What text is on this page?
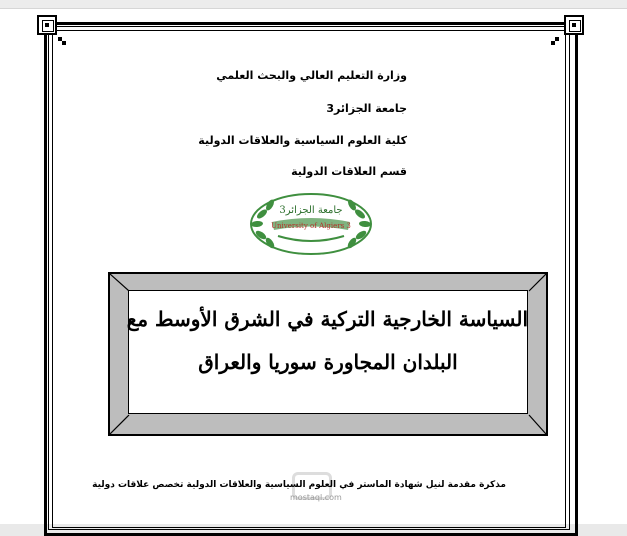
وزارة التعليم العالي والبحث العلمي
جامعة الجزائر3
كلية العلوم السياسية والعلاقات الدولية
قسم العلاقات الدولية
جامعة الجزائر3
University of Algiers 3
السياسة الخارجية التركية في الشرق الأوسط مع
البلدان المجاورة سوريا والعراق
مذكرة مقدمة لنيل شهادة الماستر في العلوم السياسية والعلاقات الدولية تخصص علاقات دولية
mostaql.com
